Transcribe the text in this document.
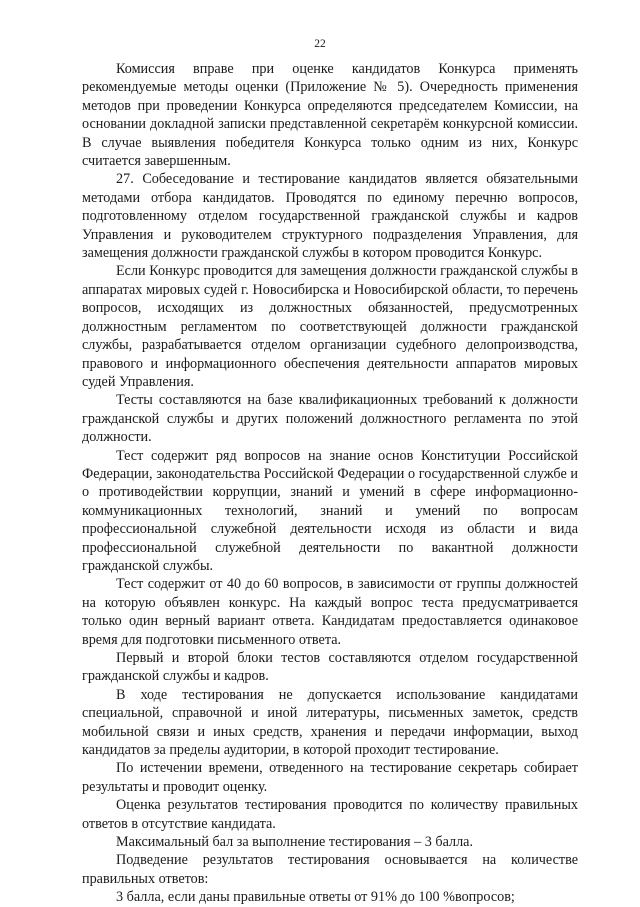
22

Комиссия вправе при оценке кандидатов Конкурса применять рекомендуемые методы оценки (Приложение № 5). Очередность применения методов при проведении Конкурса определяются председателем Комиссии, на основании докладной записки представленной секретарём конкурсной комиссии. В случае выявления победителя Конкурса только одним из них, Конкурс считается завершенным.

27. Собеседование и тестирование кандидатов является обязательными методами отбора кандидатов. Проводятся по единому перечню вопросов, подготовленному отделом государственной гражданской службы и кадров Управления и руководителем структурного подразделения Управления, для замещения должности гражданской службы в котором проводится Конкурс.

Если Конкурс проводится для замещения должности гражданской службы в аппаратах мировых судей г. Новосибирска и Новосибирской области, то перечень вопросов, исходящих из должностных обязанностей, предусмотренных должностным регламентом по соответствующей должности гражданской службы, разрабатывается отделом организации судебного делопроизводства, правового и информационного обеспечения деятельности аппаратов мировых судей Управления.

Тесты составляются на базе квалификационных требований к должности гражданской службы и других положений должностного регламента по этой должности.

Тест содержит ряд вопросов на знание основ Конституции Российской Федерации, законодательства Российской Федерации о государственной службе и о противодействии коррупции, знаний и умений в сфере информационно-коммуникационных технологий, знаний и умений по вопросам профессиональной служебной деятельности исходя из области и вида профессиональной служебной деятельности по вакантной должности гражданской службы.

Тест содержит от 40 до 60 вопросов, в зависимости от группы должностей на которую объявлен конкурс. На каждый вопрос теста предусматривается только один верный вариант ответа. Кандидатам предоставляется одинаковое время для подготовки письменного ответа.

Первый и второй блоки тестов составляются отделом государственной гражданской службы и кадров.

В ходе тестирования не допускается использование кандидатами специальной, справочной и иной литературы, письменных заметок, средств мобильной связи и иных средств, хранения и передачи информации, выход кандидатов за пределы аудитории, в которой проходит тестирование.

По истечении времени, отведенного на тестирование секретарь собирает результаты и проводит оценку.

Оценка результатов тестирования проводится по количеству правильных ответов в отсутствие кандидата.

Максимальный бал за выполнение тестирования – 3 балла.

Подведение результатов тестирования основывается на количестве правильных ответов:

3 балла, если даны правильные ответы от 91% до 100 %вопросов;
